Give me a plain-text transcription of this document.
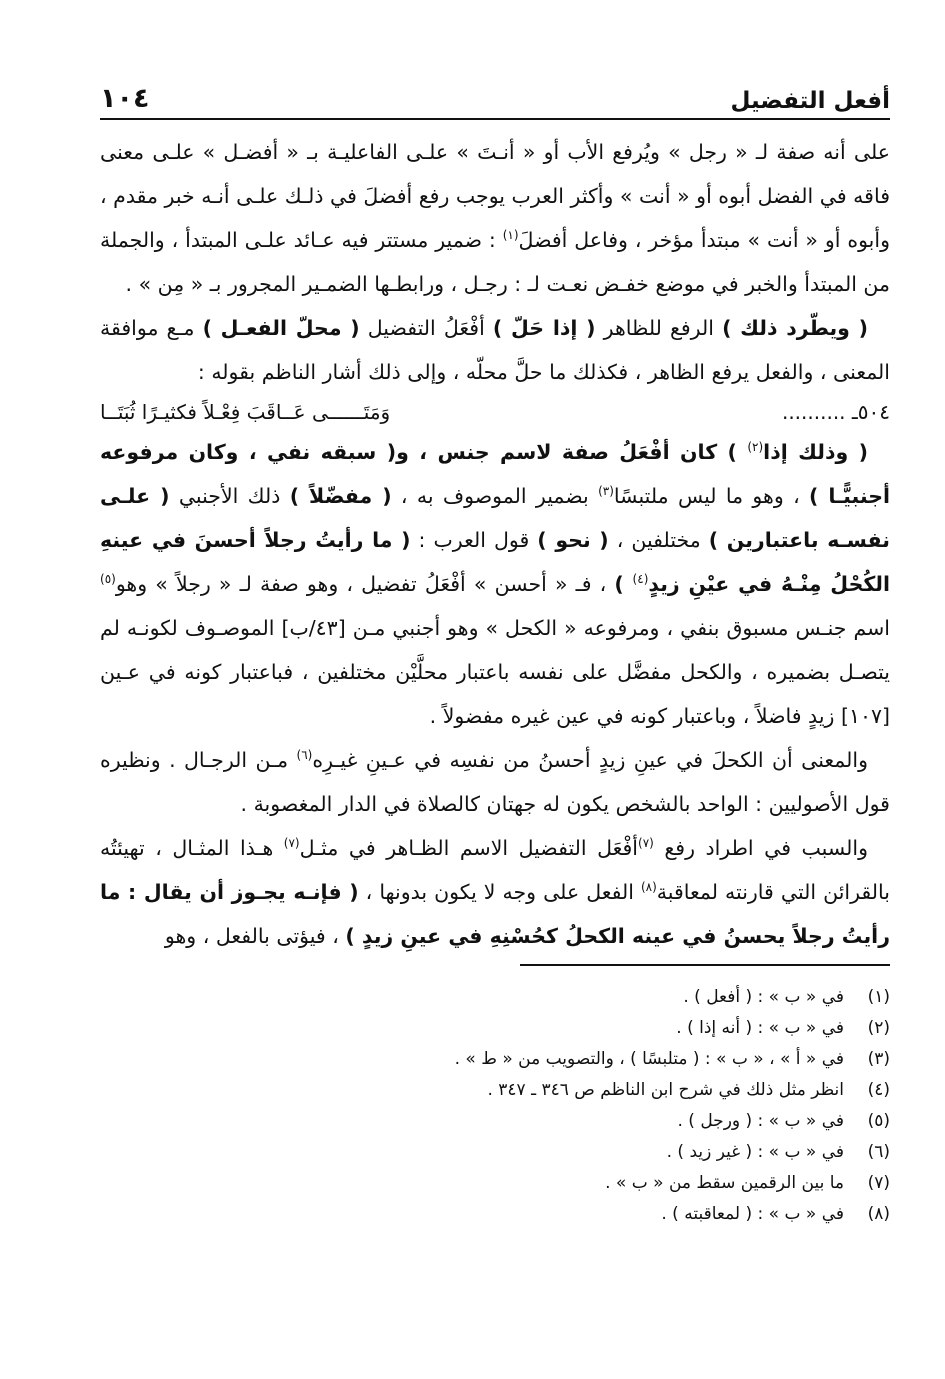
أفعل التفضيل
١٠٤

على أنه صفة لـ « رجل » ويُرفع الأب أو « أنـتَ » علـى الفاعليـة بـ « أفضـل » علـى معنى فاقه في الفضل أبوه أو « أنت » وأكثر العرب يوجب رفع أفضلَ في ذلـك علـى أنـه خبر مقدم ، وأبوه أو « أنت » مبتدأ مؤخر ، وفاعل أفضلَ$^{(١)}$ : ضمير مستتر فيه عـائد علـى المبتدأ ، والجملة من المبتدأ والخبر في موضع خفـض نعـت لـ : رجـل ، ورابطـها الضمـير المجرور بـ « مِن » .

( ويطّرد ذلك ) الرفع للظاهر ( إذا حَلّ ) أفْعَلُ التفضيل ( محلّ الفعـل ) مـع موافقة المعنى ، والفعل يرفع الظاهر ، فكذلك ما حلَّ محلّه ، وإلى ذلك أشار الناظم بقوله :

٥٠٤ـ ..........
وَمَتَــــــى عَــاقَبَ فِعْـلاً فكثيـرًا ثُبَتَــا

( وذلك إذا$^{(٢)}$ ) كان أفْعَلُ صفة لاسم جنس ، و( سبقه نفي ، وكان مرفوعه أجنبيًّـا ) ، وهو ما ليس ملتبسًا$^{(٣)}$ بضمير الموصوف به ، ( مفضّلاً ) ذلك الأجنبي ( علـى نفسـه باعتبارين ) مختلفين ، ( نحو ) قول العرب : ( ما رأيتُ رجلاً أحسنَ في عينهِ الكُحْلُ مِنْـهُ في عيْنِ زيدٍ$^{(٤)}$ ) ، فـ « أحسن » أفْعَلُ تفضيل ، وهو صفة لـ « رجلاً » وهو$^{(٥)}$ اسم جنـس مسبوق بنفي ، ومرفوعه « الكحل » وهو أجنبي مـن [٤٣/ب] الموصـوف لكونـه لم يتصـل بضميره ، والكحل مفضَّل على نفسه باعتبار محلَّيْن مختلفين ، فباعتبار كونه في عـين [١٠٧] زيدٍ فاضلاً ، وباعتبار كونه في عين غيره مفضولاً .

والمعنى أن الكحلَ في عينِ زيدٍ أحسنُ من نفسِه في عـينِ غيـرِه$^{(٦)}$ مـن الرجـال . ونظيره قول الأصوليين : الواحد بالشخص يكون له جهتان كالصلاة في الدار المغصوبة .

والسبب في اطراد رفع $^{(٧)}$أفْعَل التفضيل الاسم الظـاهر في مثـل$^{(٧)}$ هـذا المثـال ، تهيئتُه بالقرائن التي قارنته لمعاقبة$^{(٨)}$ الفعل على وجه لا يكون بدونها ، ( فإنـه يجـوز أن يقال : ما رأيتُ رجلاً يحسنُ في عينه الكحلُ كحُسْنِهِ في عينِ زيدٍ ) ، فيؤتى بالفعل ، وهو

(١)
في « ب » : ( أفعل ) .
(٢)
في « ب » : ( أنه إذا ) .
(٣)
في « أ » ، « ب » : ( متلبسًا ) ، والتصويب من « ط » .
(٤)
انظر مثل ذلك في شرح ابن الناظم ص ٣٤٦ ـ ٣٤٧ .
(٥)
في « ب » : ( ورجل ) .
(٦)
في « ب » : ( غير زيد ) .
(٧)
ما بين الرقمين سقط من « ب » .
(٨)
في « ب » : ( لمعاقبته ) .
